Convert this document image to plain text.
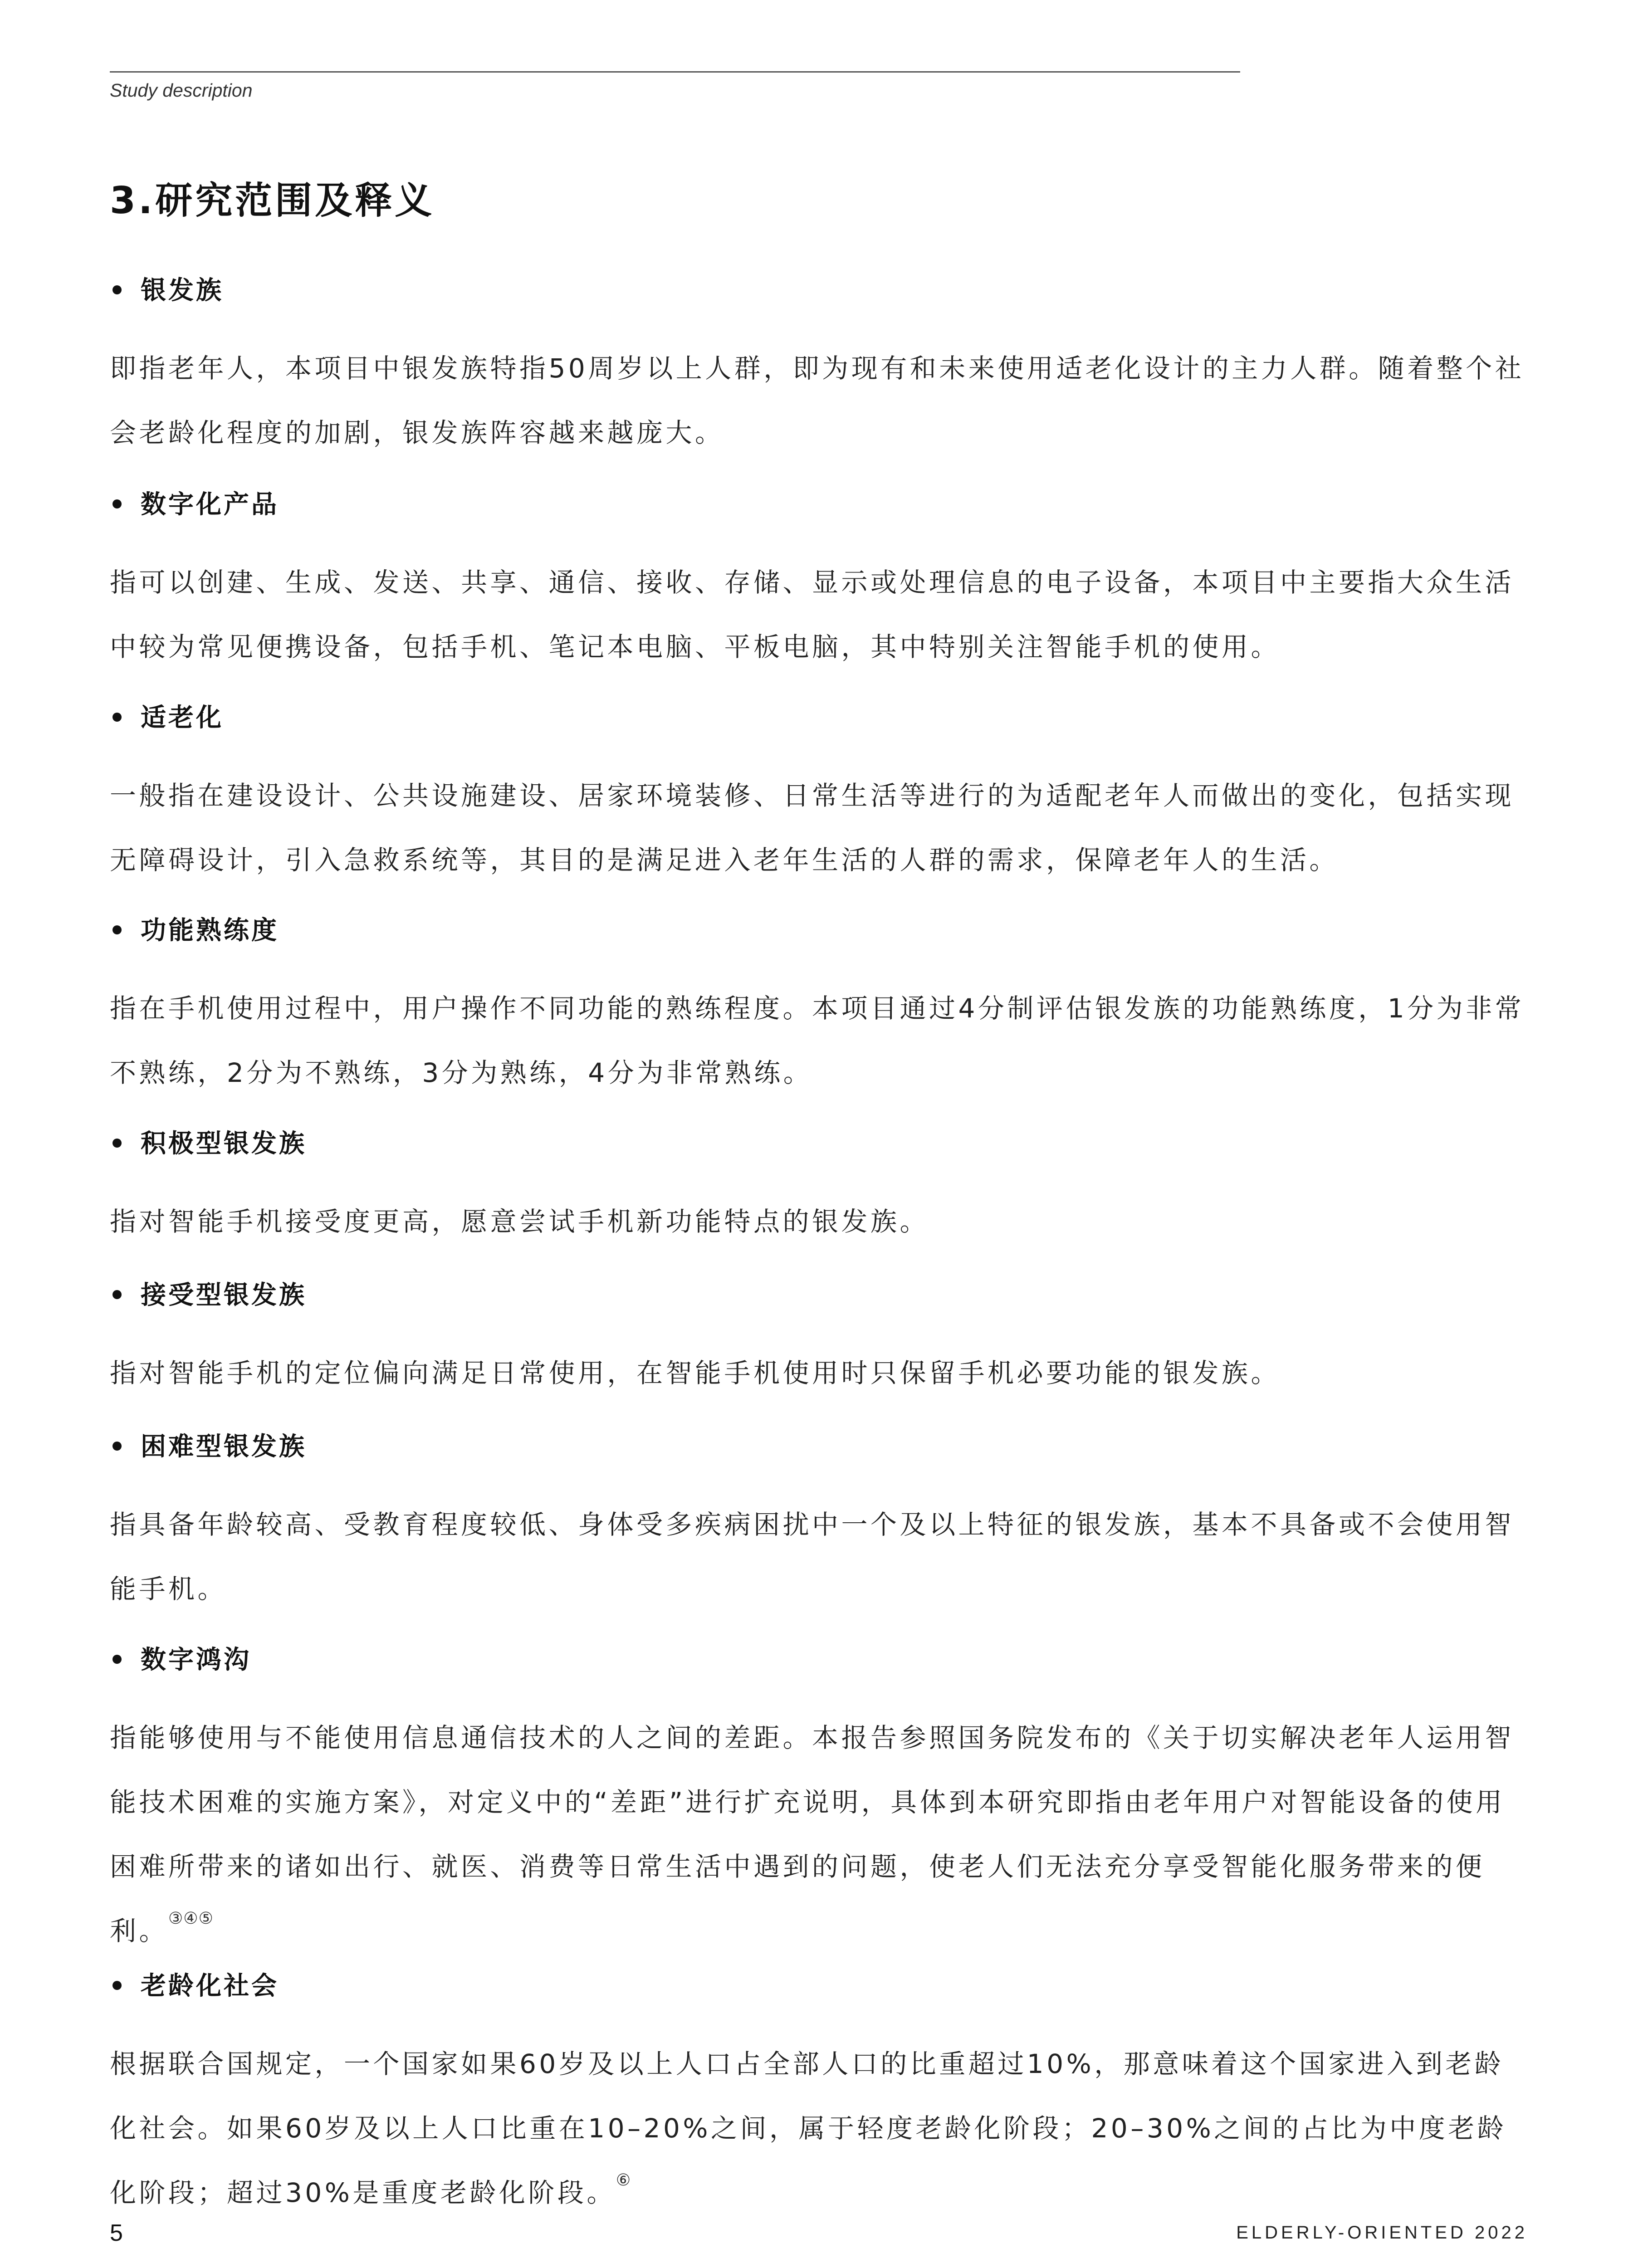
Study description
3.研究范围及释义
银发族
即指老年人，本项目中银发族特指50周岁以上人群，即为现有和未来使用适老化设计的主力人群。随着整个社会老龄化程度的加剧，银发族阵容越来越庞大。
数字化产品
指可以创建、生成、发送、共享、通信、接收、存储、显示或处理信息的电子设备，本项目中主要指大众生活中较为常见便携设备，包括手机、笔记本电脑、平板电脑，其中特别关注智能手机的使用。
适老化
一般指在建设设计、公共设施建设、居家环境装修、日常生活等进行的为适配老年人而做出的变化，包括实现无障碍设计，引入急救系统等，其目的是满足进入老年生活的人群的需求，保障老年人的生活。
功能熟练度
指在手机使用过程中，用户操作不同功能的熟练程度。本项目通过4分制评估银发族的功能熟练度，1分为非常不熟练，2分为不熟练，3分为熟练，4分为非常熟练。
积极型银发族
指对智能手机接受度更高，愿意尝试手机新功能特点的银发族。
接受型银发族
指对智能手机的定位偏向满足日常使用，在智能手机使用时只保留手机必要功能的银发族。
困难型银发族
指具备年龄较高、受教育程度较低、身体受多疾病困扰中一个及以上特征的银发族，基本不具备或不会使用智能手机。
数字鸿沟
指能够使用与不能使用信息通信技术的人之间的差距。本报告参照国务院发布的《关于切实解决老年人运用智能技术困难的实施方案》，对定义中的“差距”进行扩充说明，具体到本研究即指由老年用户对智能设备的使用困难所带来的诸如出行、就医、消费等日常生活中遇到的问题，使老人们无法充分享受智能化服务带来的便利。③④⑤
老龄化社会
根据联合国规定，一个国家如果60岁及以上人口占全部人口的比重超过10%，那意味着这个国家进入到老龄化社会。如果60岁及以上人口比重在10–20%之间，属于轻度老龄化阶段；20–30%之间的占比为中度老龄化阶段；超过30%是重度老龄化阶段。⑥
5	ELDERLY-ORIENTED 2022
